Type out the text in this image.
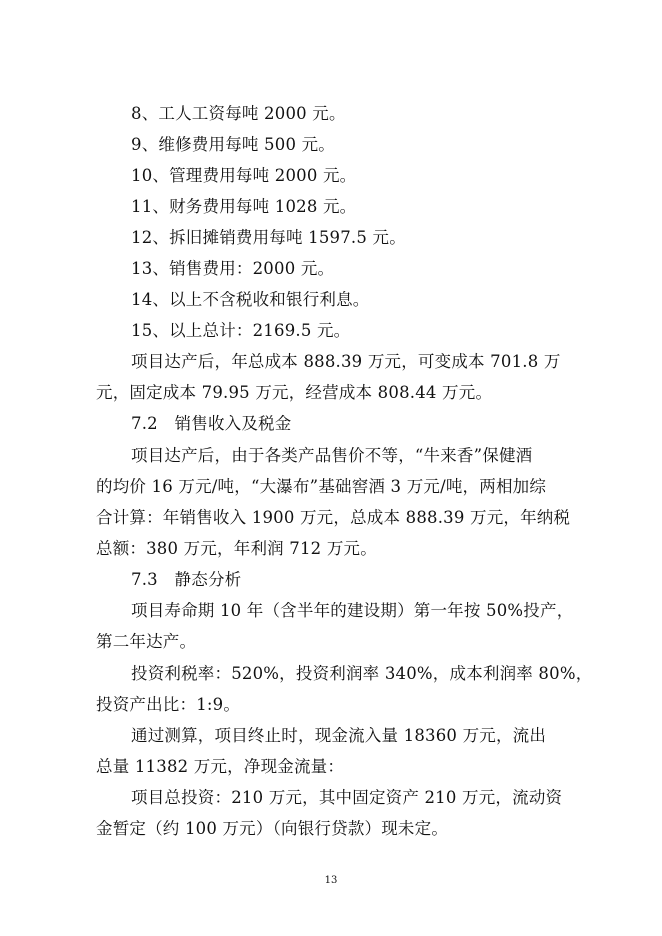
8、工人工资每吨 2000 元。
9、维修费用每吨 500 元。
10、管理费用每吨 2000 元。
11、财务费用每吨 1028 元。
12、拆旧摊销费用每吨 1597.5 元。
13、销售费用：2000 元。
14、以上不含税收和银行利息。
15、以上总计：2169.5 元。
项目达产后，年总成本 888.39 万元，可变成本 701.8 万
元，固定成本 79.95 万元，经营成本 808.44 万元。
7.2　销售收入及税金
项目达产后，由于各类产品售价不等，“牛来香”保健酒
的均价 16 万元/吨，“大瀑布”基础窖酒 3 万元/吨，两相加综
合计算：年销售收入 1900 万元，总成本 888.39 万元，年纳税
总额：380 万元，年利润 712 万元。
7.3　静态分析
项目寿命期 10 年（含半年的建设期）第一年按 50%投产，
第二年达产。
投资利税率：520%，投资利润率 340%，成本利润率 80%，
投资产出比：1:9。
通过测算，项目终止时，现金流入量 18360 万元，流出
总量 11382 万元，净现金流量：
项目总投资：210 万元，其中固定资产 210 万元，流动资
金暂定（约 100 万元）（向银行贷款）现未定。
13
